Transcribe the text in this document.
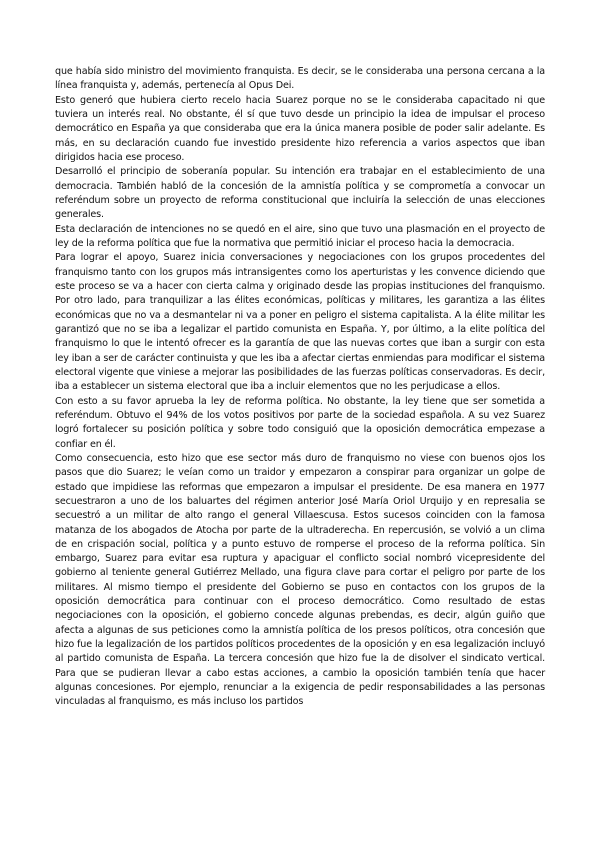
que había sido ministro del movimiento franquista. Es decir, se le consideraba una persona cercana a la línea franquista y, además, pertenecía al Opus Dei.

Esto generó que hubiera cierto recelo hacia Suarez porque no se le consideraba capacitado ni que tuviera un interés real. No obstante, él sí que tuvo desde un principio la idea de impulsar el proceso democrático en España ya que consideraba que era la única manera posible de poder salir adelante. Es más, en su declaración cuando fue investido presidente hizo referencia a varios aspectos que iban dirigidos hacia ese proceso.

Desarrolló el principio de soberanía popular. Su intención era trabajar en el establecimiento de una democracia. También habló de la concesión de la amnistía política y se comprometía a convocar un referéndum sobre un proyecto de reforma constitucional que incluiría la selección de unas elecciones generales.

Esta declaración de intenciones no se quedó en el aire, sino que tuvo una plasmación en el proyecto de ley de la reforma política que fue la normativa que permitió iniciar el proceso hacia la democracia.

Para lograr el apoyo, Suarez inicia conversaciones y negociaciones con los grupos procedentes del franquismo tanto con los grupos más intransigentes como los aperturistas y les convence diciendo que este proceso se va a hacer con cierta calma y originado desde las propias instituciones del franquismo. Por otro lado, para tranquilizar a las élites económicas, políticas y militares, les garantiza a las élites económicas que no va a desmantelar ni va a poner en peligro el sistema capitalista. A la élite militar les garantizó que no se iba a legalizar el partido comunista en España. Y, por último, a la elite política del franquismo lo que le intentó ofrecer es la garantía de que las nuevas cortes que iban a surgir con esta ley iban a ser de carácter continuista y que les iba a afectar ciertas enmiendas para modificar el sistema electoral vigente que viniese a mejorar las posibilidades de las fuerzas políticas conservadoras. Es decir, iba a establecer un sistema electoral que iba a incluir elementos que no les perjudicase a ellos.

Con esto a su favor aprueba la ley de reforma política. No obstante, la ley tiene que ser sometida a referéndum. Obtuvo el 94% de los votos positivos por parte de la sociedad española. A su vez Suarez logró fortalecer su posición política y sobre todo consiguió que la oposición democrática empezase a confiar en él.

Como consecuencia, esto hizo que ese sector más duro de franquismo no viese con buenos ojos los pasos que dio Suarez; le veían como un traidor y empezaron a conspirar para organizar un golpe de estado que impidiese las reformas que empezaron a impulsar el presidente. De esa manera en 1977 secuestraron a uno de los baluartes del régimen anterior José María Oriol Urquijo y en represalia se secuestró a un militar de alto rango el general Villaescusa. Estos sucesos coinciden con la famosa matanza de los abogados de Atocha por parte de la ultraderecha. En repercusión, se volvió a un clima de en crispación social, política y a punto estuvo de romperse el proceso de la reforma política. Sin embargo, Suarez para evitar esa ruptura y apaciguar el conflicto social nombró vicepresidente del gobierno al teniente general Gutiérrez Mellado, una figura clave para cortar el peligro por parte de los militares. Al mismo tiempo el presidente del Gobierno se puso en contactos con los grupos de la oposición democrática para continuar con el proceso democrático. Como resultado de estas negociaciones con la oposición, el gobierno concede algunas prebendas, es decir, algún guiño que afecta a algunas de sus peticiones como la amnistía política de los presos políticos, otra concesión que hizo fue la legalización de los partidos políticos procedentes de la oposición y en esa legalización incluyó al partido comunista de España. La tercera concesión que hizo fue la de disolver el sindicato vertical. Para que se pudieran llevar a cabo estas acciones, a cambio la oposición también tenía que hacer algunas concesiones. Por ejemplo, renunciar a la exigencia de pedir responsabilidades a las personas vinculadas al franquismo, es más incluso los partidos
